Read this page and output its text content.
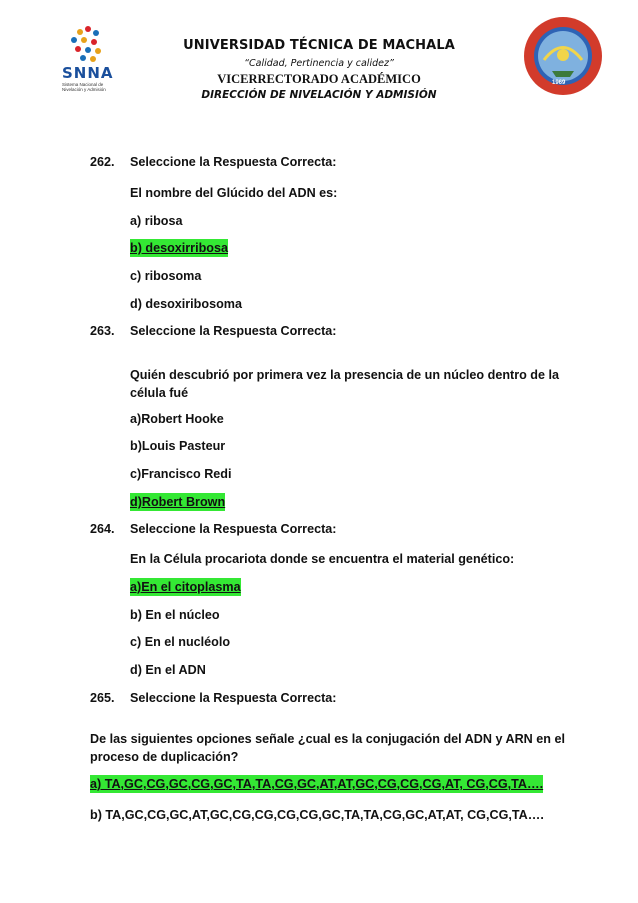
SNNA
Sistema Nacional de
Nivelación y Admisión
1969
UNIVERSIDAD TÉCNICA DE MACHALA
“Calidad, Pertinencia y calidez”
VICERRECTORADO ACADÉMICO
DIRECCIÓN DE NIVELACIÓN Y ADMISIÓN
262. Seleccione la Respuesta Correcta:
El nombre del Glúcido del ADN es:
a) ribosa
b) desoxirribosa
c) ribosoma
d) desoxiribosoma
263. Seleccione la Respuesta Correcta:
Quién descubrió por primera vez la presencia de un núcleo dentro de la
célula fué
a)Robert Hooke
b)Louis Pasteur
c)Francisco Redi
d)Robert Brown
264. Seleccione la Respuesta Correcta:
En la Célula procariota donde se encuentra el material genético:
a)En el citoplasma
b) En el núcleo
c) En el nucléolo
d) En el ADN
265. Seleccione la Respuesta Correcta:
De las siguientes opciones señale ¿cual es la conjugación del ADN y ARN en el
proceso de duplicación?
a) TA,GC,CG,GC,CG,GC,TA,TA,CG,GC,AT,AT,GC,CG,CG,CG,AT, CG,CG,TA….
b) TA,GC,CG,GC,AT,GC,CG,CG,CG,CG,GC,TA,TA,CG,GC,AT,AT, CG,CG,TA….
